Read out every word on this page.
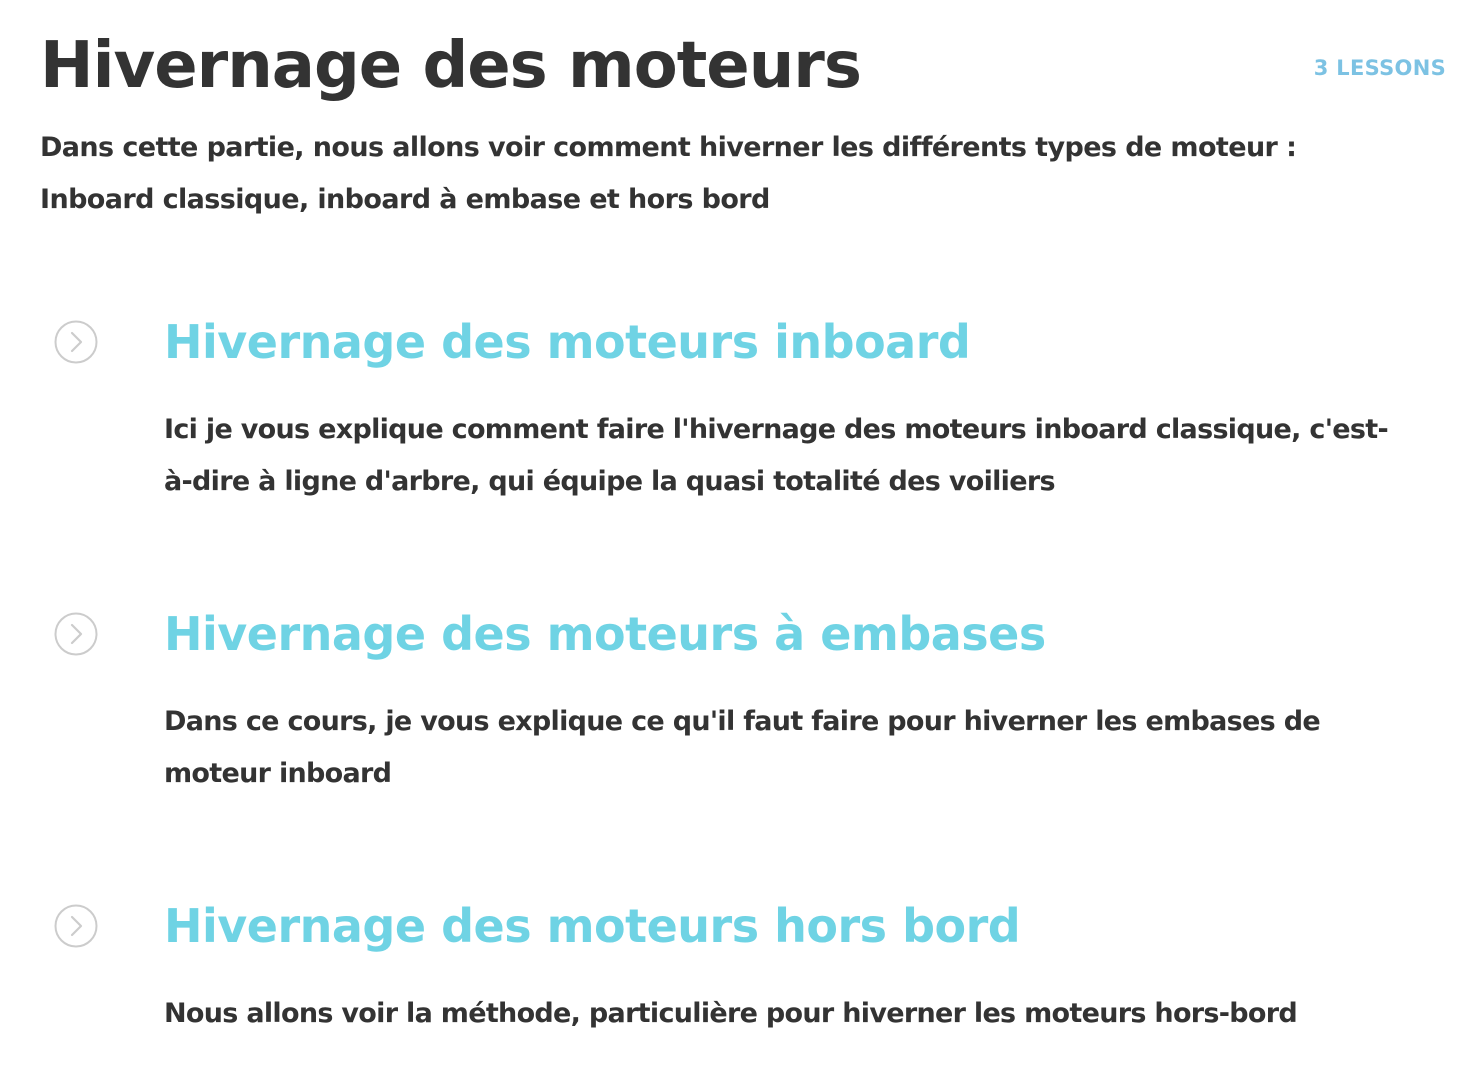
Hivernage des moteurs	3 LESSONS

Dans cette partie, nous allons voir comment hiverner les différents types de moteur : Inboard classique, inboard à embase et hors bord

Hivernage des moteurs inboard

Ici je vous explique comment faire l'hivernage des moteurs inboard classique, c'est-à-dire à ligne d'arbre, qui équipe la quasi totalité des voiliers

Hivernage des moteurs à embases

Dans ce cours, je vous explique ce qu'il faut faire pour hiverner les embases de moteur inboard

Hivernage des moteurs hors bord

Nous allons voir la méthode, particulière pour hiverner les moteurs hors-bord
